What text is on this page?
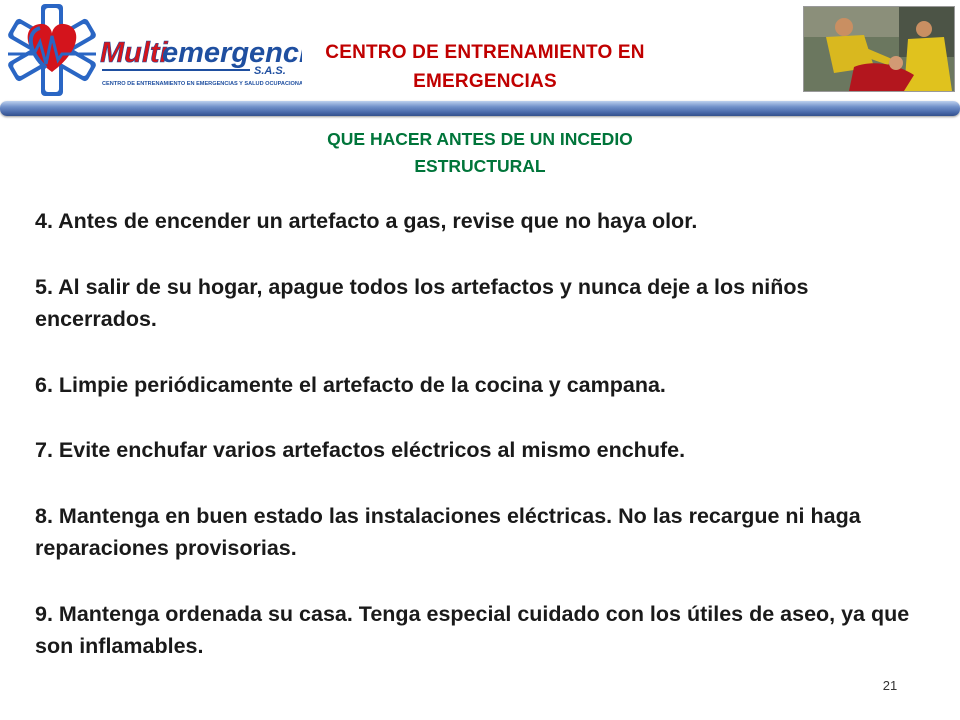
Multi
emergenc
S.A.S.
CENTRO DE ENTRENAMIENTO EN EMERGENCIAS Y SALUD OCUPACIONAL
CENTRO DE ENTRENAMIENTO EN
EMERGENCIAS
QUE HACER ANTES DE UN INCEDIO
ESTRUCTURAL

4. Antes de encender un artefacto a gas, revise que no haya olor.

5. Al salir de su hogar, apague todos los artefactos y nunca deje a los niños encerrados.

6. Limpie periódicamente el artefacto de la cocina y campana.

7. Evite enchufar varios artefactos eléctricos al mismo enchufe.

8. Mantenga en buen estado las instalaciones eléctricas. No las recargue ni haga reparaciones provisorias.

9. Mantenga ordenada su casa. Tenga especial cuidado con los útiles de aseo, ya que son inflamables.

21
